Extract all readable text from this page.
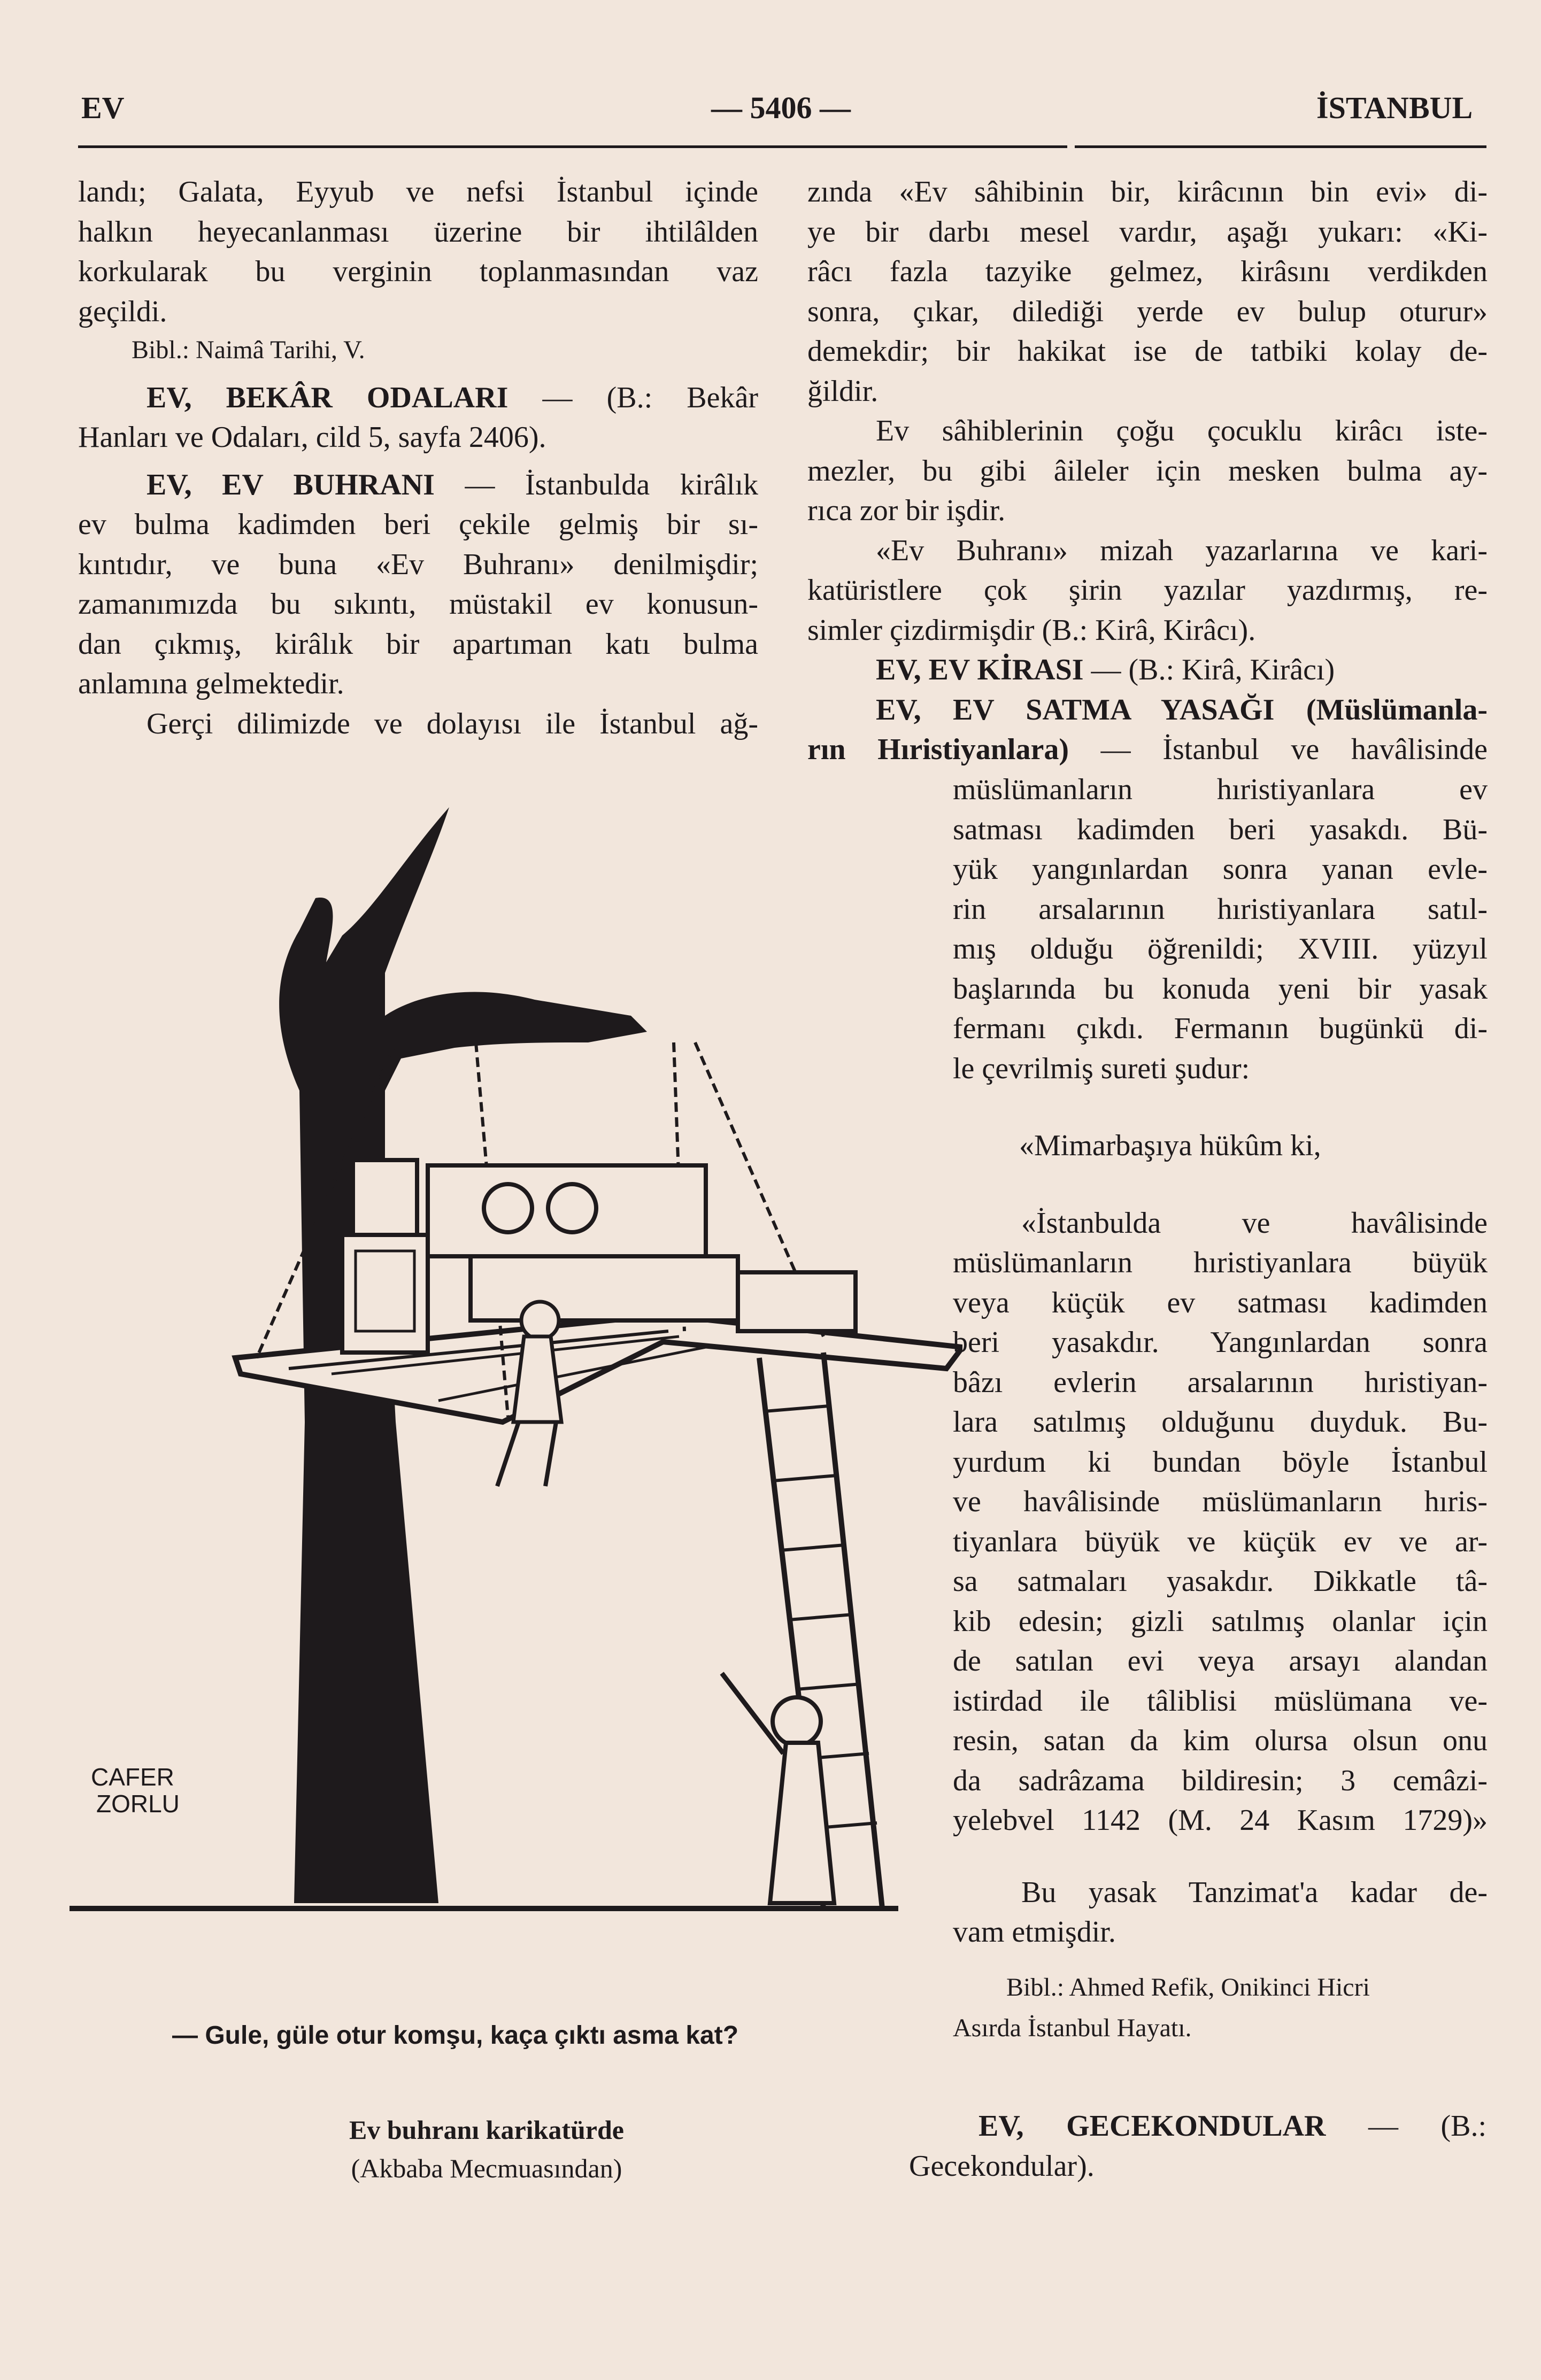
EV	— 5406 —	İSTANBUL

landı; Galata, Eyyub ve nefsi İstanbul içinde

halkın heyecanlanması üzerine bir ihtilâlden

korkularak bu verginin toplanmasından vaz

geçildi.

Bibl.: Naimâ Tarihi, V.

EV, BEKÂR ODALARI — (B.: Bekâr

Hanları ve Odaları, cild 5, sayfa 2406).

EV, EV BUHRANI — İstanbulda kirâlık

ev bulma kadimden beri çekile gelmiş bir sı-

kıntıdır, ve buna «Ev Buhranı» denilmişdir;

zamanımızda bu sıkıntı, müstakil ev konusun-

dan çıkmış, kirâlık bir apartıman katı bulma

anlamına gelmektedir.

Gerçi dilimizde ve dolayısı ile İstanbul ağ-

CAFER
ZORLU
— Gule, güle otur komşu, kaça çıktı asma kat?
Ev buhranı karikatürde
(Akbaba Mecmuasından)

zında «Ev sâhibinin bir, kirâcının bin evi» di-

ye bir darbı mesel vardır, aşağı yukarı: «Ki-

râcı fazla tazyike gelmez, kirâsını verdikden

sonra, çıkar, dilediği yerde ev bulup oturur»

demekdir; bir hakikat ise de tatbiki kolay de-

ğildir.

Ev sâhiblerinin çoğu çocuklu kirâcı iste-

mezler, bu gibi âileler için mesken bulma ay-

rıca zor bir işdir.

«Ev Buhranı» mizah yazarlarına ve kari-

katüristlere çok şirin yazılar yazdırmış, re-

simler çizdirmişdir (B.: Kirâ, Kirâcı).

EV, EV KİRASI — (B.: Kirâ, Kirâcı)

EV, EV SATMA YASAĞI (Müslümanla-

rın Hıristiyanlara) — İstanbul ve havâlisinde

müslümanların hıristiyanlara ev

satması kadimden beri yasakdı. Bü-

yük yangınlardan sonra yanan evle-

rin arsalarının hıristiyanlara satıl-

mış olduğu öğrenildi; XVIII. yüzyıl

başlarında bu konuda yeni bir yasak

fermanı çıkdı. Fermanın bugünkü di-

le çevrilmiş sureti şudur:

«Mimarbaşıya hükûm ki,

«İstanbulda ve havâlisinde

müslümanların hıristiyanlara büyük

veya küçük ev satması kadimden

beri yasakdır. Yangınlardan sonra

bâzı evlerin arsalarının hıristiyan-

lara satılmış olduğunu duyduk. Bu-

yurdum ki bundan böyle İstanbul

ve havâlisinde müslümanların hıris-

tiyanlara büyük ve küçük ev ve ar-

sa satmaları yasakdır. Dikkatle tâ-

kib edesin; gizli satılmış olanlar için

de satılan evi veya arsayı alandan

istirdad ile tâliblisi müslümana ve-

resin, satan da kim olursa olsun onu

da sadrâzama bildiresin; 3 cemâzi-

yelebvel 1142 (M. 24 Kasım 1729)»

Bu yasak Tanzimat'a kadar de-

vam etmişdir.

Bibl.: Ahmed Refik, Onikinci Hicri

Asırda İstanbul Hayatı.

EV, GECEKONDULAR — (B.:

Gecekondular).
